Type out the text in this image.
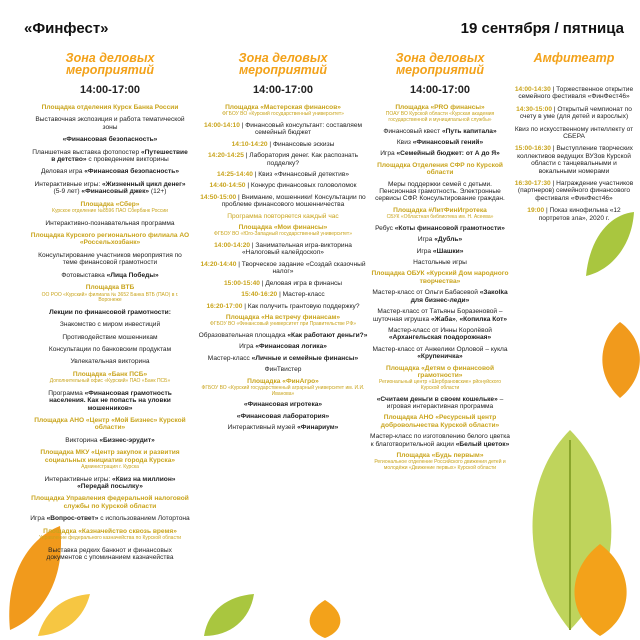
«Финфест»	19 сентября / пятница
Зона деловых мероприятий
14:00-17:00
Площадка отделения Курск Банка России
Выставочная экспозиция и работа тематической зоны
«Финансовая безопасность»
Планшетная выставка фотопостер «Путешествие в детство» с проведением викторины
Деловая игра «Финансовая безопасность»
Интерактивные игры: «Жизненный цикл денег» (5-9 лет) «Финансовый джек» (12+)
Площадка «Сбер»
Курское отделение №8596 ПАО Сбербанк России
Интерактивно-познавательная программа
Площадка Курского регионального филиала АО «Россельхозбанк»
Консультирование участников мероприятия по теме финансовой грамотности
Фотовыставка «Лица Победы»
Площадка ВТБ
ОО РОО «Курский» филиала № 3652 Банка ВТБ (ПАО) в г. Воронеже
Лекции по финансовой грамотности:
Знакомство с миром инвестиций
Противодействие мошенникам
Консультации по банковским продуктам
Увлекательная викторина
Площадка «Банк ПСБ»
Дополнительный офис «Курский» ПАО «Банк ПСБ»
Программа «Финансовая грамотность населения. Как не попасть на уловки мошенников»
Площадка АНО «Центр «Мой Бизнес» Курской области»
Викторина «Бизнес-эрудит»
Площадка МКУ «Центр закупок и развития социальных инициатив города Курска»
Администрация г. Курска
Интерактивные игры: «Квиз на миллион» «Передай посылку»
Площадка Управления федеральной налоговой службы по Курской области
Игра «Вопрос-ответ» с использованием Лотортона
Площадка «Казначейство сквозь время»
Управление федерального казначейства по Курской области
Выставка редких банкнот и финансовых документов с упоминанием казначейства
Зона деловых мероприятий
14:00-17:00
Площадка «Мастерская финансов»
ФГБОУ ВО «Курский государственный университет»
14:00-14:10 | Финансовый консультант: составляем семейный бюджет
14:10-14:20 | Финансовые эскизы
14:20-14:25 | Лаборатория денег. Как распознать подделку?
14:25-14:40 | Квиз «Финансовый детектив»
14:40-14:50 | Конкурс финансовых головоломок
14:50-15:00 | Внимание, мошенники! Консультации по проблеме финансового мошенничества
Программа повторяется каждый час
Площадка «Мои финансы»
ФГБОУ ВО «Юго-Западный государственный университет»
14:00-14:20 | Занимательная игра-викторина «Налоговый калейдоскоп»
14:20-14:40 | Творческое задание «Создай сказочный налог»
15:00-15:40 | Деловая игра в финансы
15:40-16:20 | Мастер-класс
16:20-17:00 | Как получить грантовую поддержку?
Площадка «На встречу финансам»
ФГБОУ ВО «Финансовый университет при Правительстве РФ»
Образовательная площадка «Как работают деньги?»
Игра «Финансовая логика»
Мастер-класс «Личные и семейные финансы»
ФинТвистер
Площадка «ФинАгро»
ФГБОУ ВО «Курский государственный аграрный университет им. И.И. Иванова»
«Финансовая игротека»
«Финансовая лаборатория»
Интерактивный музей «Финариум»
Зона деловых мероприятий
14:00-17:00
Площадка «PRO финансы»
ПОАУ ВО Курской области «Курская академия государственной и муниципальной службы»
Финансовый квест «Путь капитала»
Квиз «Финансовый гений»
Игра «Семейный бюджет: от А до Я»
Площадка Отделения СФР по Курской области
Меры поддержки семей с детьми. Пенсионная грамотность. Электронные сервисы СФР. Консультирование граждан.
Площадка #ЛитФинИгротека
СБУК «Областная библиотека им. Н. Асеева»
Ребус «Коты финансовой грамотности»
Игра «Дубль»
Игра «Шашки»
Настольные игры
Площадка ОБУК «Курский Дом народного творчества»
Мастер-класс от Ольги Бабасевой «Закolka для бизнес-леди»
Мастер-класс от Татьяны Боразеновой – шуточная игрушка «Жаба», «Копилка Кот»
Мастер-класс от Инны Королёвой «Архангельская поадорожная»
Мастер-класс от Анжелики Орловой – кукла «Крупеничка»
Площадка «Детям о финансовой грамотности»
Региональный центр «Шербрановские» рйонуйского Курской области
«Считаем деньги в своем кошельке» – игровая интерактивная программа
Площадка АНО «Ресурсный центр добровольчества Курской области»
Мастер-класс по изготовлению белого цветка к благотворительной акции «Белый цветок»
Площадка «Будь первым»
Региональное отделение Российского движения детей и молодёжи «Движение первых» Курской области
Амфитеатр
14:00-14:30 | Торжественное открытие семейного фестиваля «ФинФест46»
14:30-15:00 | Открытый чемпионат по счету в уме (для детей и взрослых)
Квиз по искусственному интеллекту от СБЕРА
15:00-16:30 | Выступление творческих коллективов ведущих ВУЗов Курской области с танцевальными и вокальными номерами
16:30-17:30 | Награждение участников (партнеров) семейного финансового фестиваля «ФинФест46»
19:00 | Показ кинофильма «12 портретов зла», 2020 г.
